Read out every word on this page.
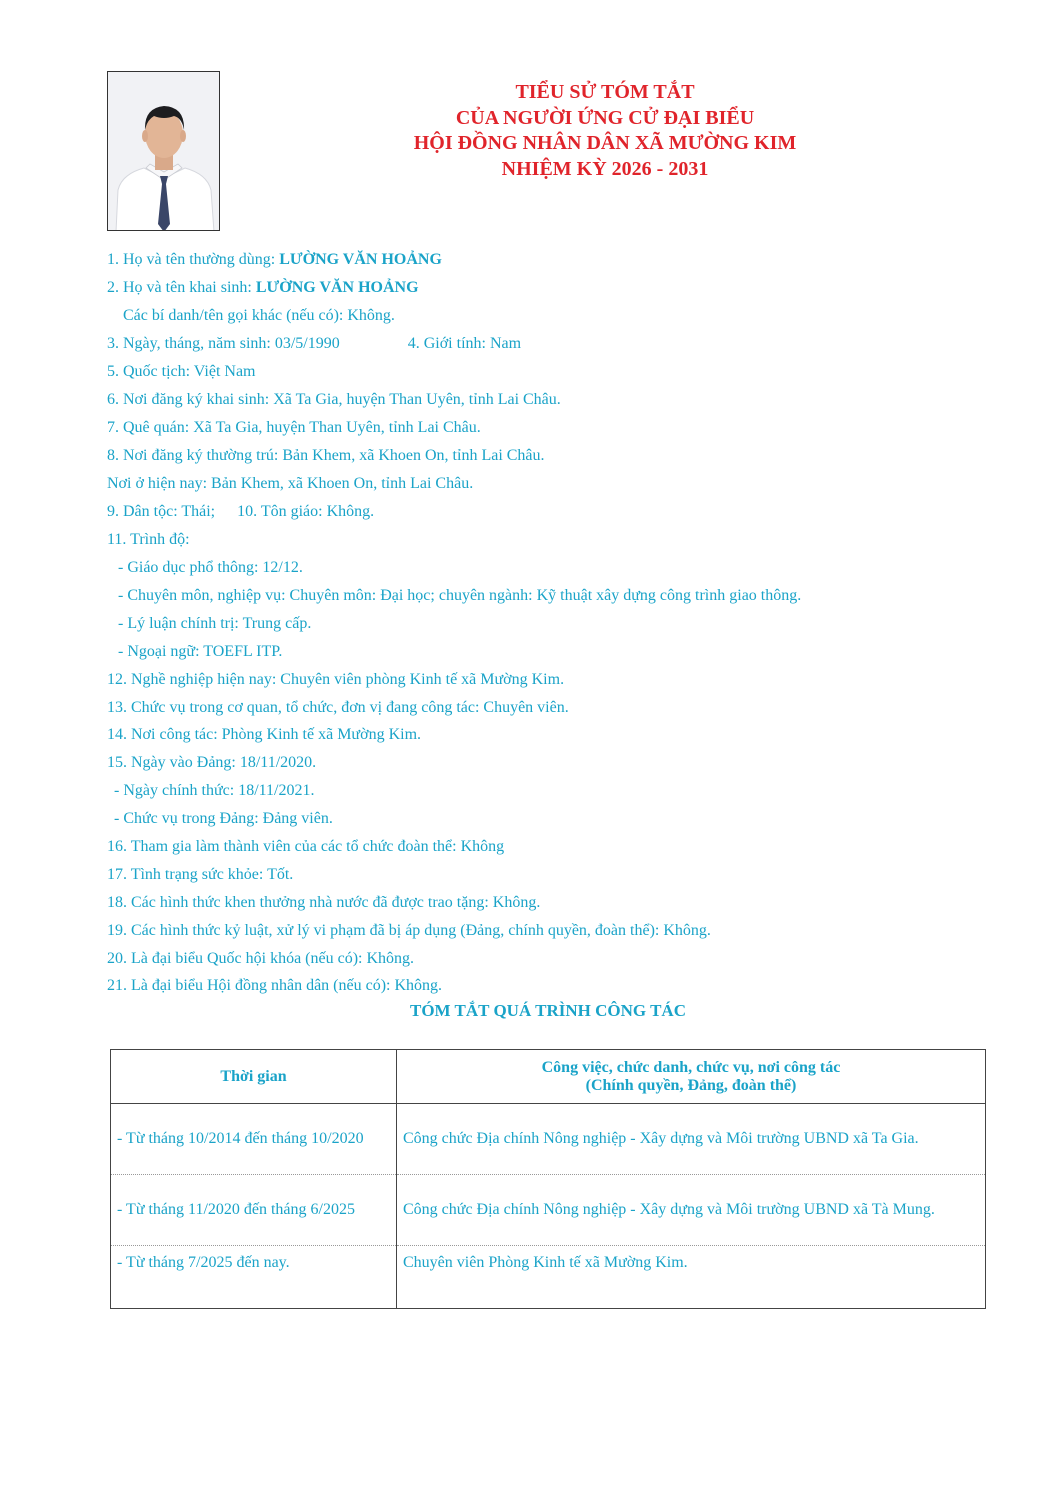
TIỂU SỬ TÓM TẮT
CỦA NGƯỜI ỨNG CỬ ĐẠI BIỂU
HỘI ĐỒNG NHÂN DÂN XÃ MƯỜNG KIM
NHIỆM KỲ 2026 - 2031
1. Họ và tên thường dùng: LƯỜNG VĂN HOẢNG
2. Họ và tên khai sinh: LƯỜNG VĂN HOẢNG
Các bí danh/tên gọi khác (nếu có): Không.
3. Ngày, tháng, năm sinh: 03/5/1990	4. Giới tính: Nam
5. Quốc tịch: Việt Nam
6. Nơi đăng ký khai sinh: Xã Ta Gia, huyện Than Uyên, tỉnh Lai Châu.
7. Quê quán: Xã Ta Gia, huyện Than Uyên, tỉnh Lai Châu.
8. Nơi đăng ký thường trú: Bản Khem, xã Khoen On, tỉnh Lai Châu.
Nơi ở hiện nay: Bản Khem, xã Khoen On, tỉnh Lai Châu.
9. Dân tộc: Thái; 10. Tôn giáo: Không.
11. Trình độ:
- Giáo dục phổ thông: 12/12.
- Chuyên môn, nghiệp vụ: Chuyên môn: Đại học; chuyên ngành: Kỹ thuật xây dựng công trình giao thông.
- Lý luận chính trị: Trung cấp.
- Ngoại ngữ: TOEFL ITP.
12. Nghề nghiệp hiện nay: Chuyên viên phòng Kinh tế xã Mường Kim.
13. Chức vụ trong cơ quan, tổ chức, đơn vị đang công tác: Chuyên viên.
14. Nơi công tác: Phòng Kinh tế xã Mường Kim.
15. Ngày vào Đảng: 18/11/2020.
- Ngày chính thức: 18/11/2021.
- Chức vụ trong Đảng: Đảng viên.
16. Tham gia làm thành viên của các tổ chức đoàn thể: Không
17. Tình trạng sức khỏe: Tốt.
18. Các hình thức khen thưởng nhà nước đã được trao tặng: Không.
19. Các hình thức kỷ luật, xử lý vi phạm đã bị áp dụng (Đảng, chính quyền, đoàn thể): Không.
20. Là đại biểu Quốc hội khóa (nếu có): Không.
21. Là đại biểu Hội đồng nhân dân (nếu có): Không.
TÓM TẮT QUÁ TRÌNH CÔNG TÁC
Thời gian	Công việc, chức danh, chức vụ, nơi công tác
(Chính quyền, Đảng, đoàn thể)

- Từ tháng 10/2014 đến tháng 10/2020	Công chức Địa chính Nông nghiệp - Xây dựng và Môi trường UBND xã Ta Gia.
- Từ tháng 11/2020 đến tháng 6/2025	Công chức Địa chính Nông nghiệp - Xây dựng và Môi trường UBND xã Tà Mung.
- Từ tháng 7/2025 đến nay.	Chuyên viên Phòng Kinh tế xã Mường Kim.
